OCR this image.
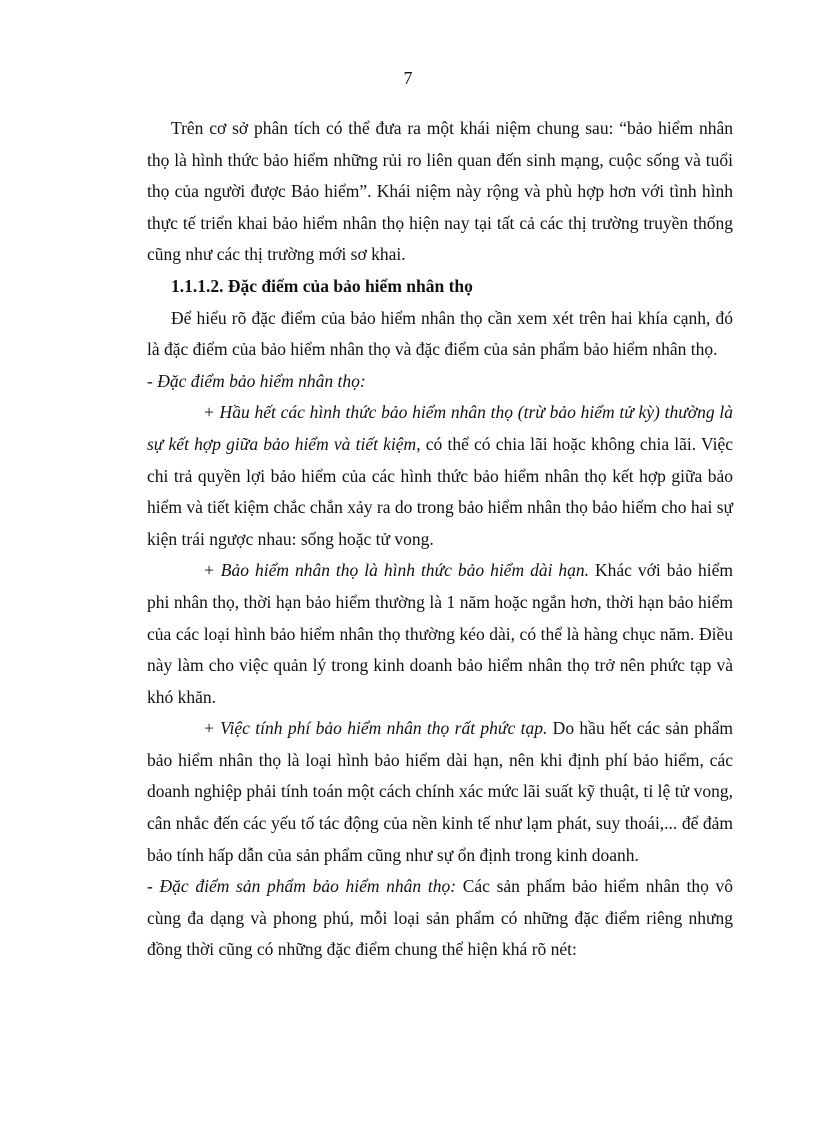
7

Trên cơ sở phân tích có thể đưa ra một khái niệm chung sau: “bảo hiểm nhân thọ là hình thức bảo hiểm những rủi ro liên quan đến sinh mạng, cuộc sống và tuổi thọ của người được Bảo hiểm”. Khái niệm này rộng và phù hợp hơn với tình hình thực tế triển khai bảo hiểm nhân thọ hiện nay tại tất cả các thị trường truyền thống cũng như các thị trường mới sơ khai.

1.1.1.2. Đặc điểm của bảo hiểm nhân thọ

Để hiểu rõ đặc điểm của bảo hiểm nhân thọ cần xem xét trên hai khía cạnh, đó là đặc điểm của bảo hiểm nhân thọ và đặc điểm của sản phẩm bảo hiểm nhân thọ.

- Đặc điểm bảo hiểm nhân thọ:

+ Hầu hết các hình thức bảo hiểm nhân thọ (trừ bảo hiểm tử kỳ) thường là sự kết hợp giữa bảo hiểm và tiết kiệm, có thể có chia lãi hoặc không chia lãi. Việc chi trả quyền lợi bảo hiểm của các hình thức bảo hiểm nhân thọ kết hợp giữa bảo hiểm và tiết kiệm chắc chắn xảy ra do trong bảo hiểm nhân thọ bảo hiểm cho hai sự kiện trái ngược nhau: sống hoặc tử vong.

+ Bảo hiểm nhân thọ là hình thức bảo hiểm dài hạn. Khác với bảo hiểm phi nhân thọ, thời hạn bảo hiểm thường là 1 năm hoặc ngắn hơn, thời hạn bảo hiểm của các loại hình bảo hiểm nhân thọ thường kéo dài, có thể là hàng chục năm. Điều này làm cho việc quản lý trong kinh doanh bảo hiểm nhân thọ trở nên phức tạp và khó khăn.

+ Việc tính phí bảo hiểm nhân thọ rất phức tạp. Do hầu hết các sản phẩm bảo hiểm nhân thọ là loại hình bảo hiểm dài hạn, nên khi định phí bảo hiểm, các doanh nghiệp phải tính toán một cách chính xác mức lãi suất kỹ thuật, tỉ lệ tử vong, cân nhắc đến các yếu tố tác động của nền kinh tế như lạm phát, suy thoái,... để đảm bảo tính hấp dẫn của sản phẩm cũng như sự ổn định trong kinh doanh.

- Đặc điểm sản phẩm bảo hiểm nhân thọ: Các sản phẩm bảo hiểm nhân thọ vô cùng đa dạng và phong phú, mỗi loại sản phẩm có những đặc điểm riêng nhưng đồng thời cũng có những đặc điểm chung thể hiện khá rõ nét:
